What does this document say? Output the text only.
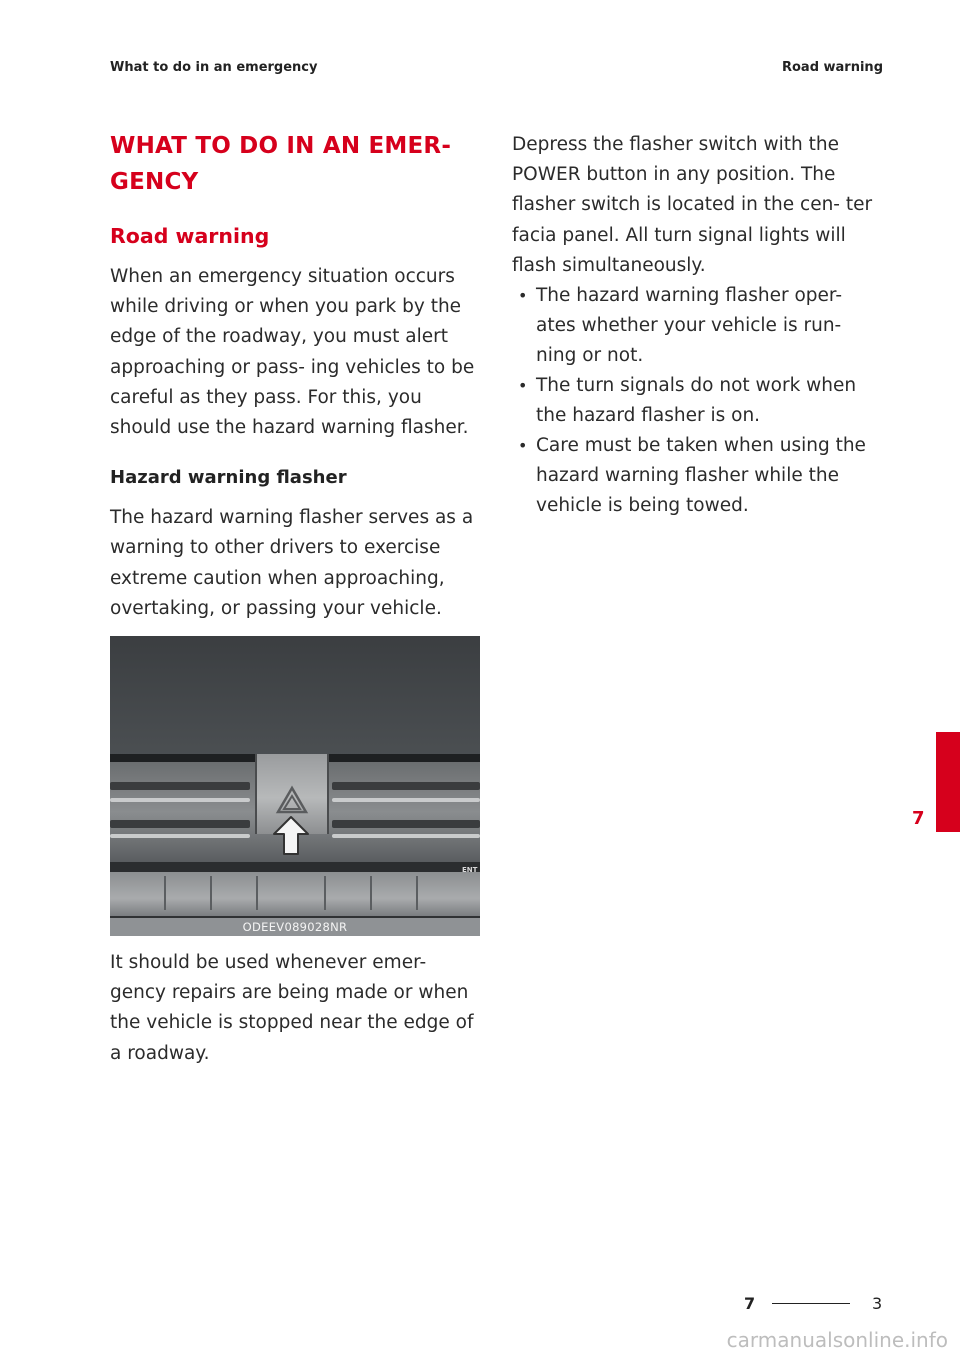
What to do in an emergency	Road warning
WHAT TO DO IN AN EMER- GENCY
Road warning

When an emergency situation occurs while driving or when you park by the edge of the roadway, you must alert approaching or pass- ing vehicles to be careful as they pass. For this, you should use the hazard warning flasher.

Hazard warning flasher

The hazard warning flasher serves as a warning to other drivers to exercise extreme caution when approaching, overtaking, or passing your vehicle.

ENT
ODEEV089028NR

It should be used whenever emer- gency repairs are being made or when the vehicle is stopped near the edge of a roadway.

Depress the flasher switch with the POWER button in any position. The flasher switch is located in the cen- ter facia panel. All turn signal lights will flash simultaneously.

• The hazard warning flasher oper- ates whether your vehicle is run- ning or not.
• The turn signals do not work when the hazard flasher is on.
• Care must be taken when using the hazard warning flasher while the vehicle is being towed.
7
7	3
carmanualsonline.info
